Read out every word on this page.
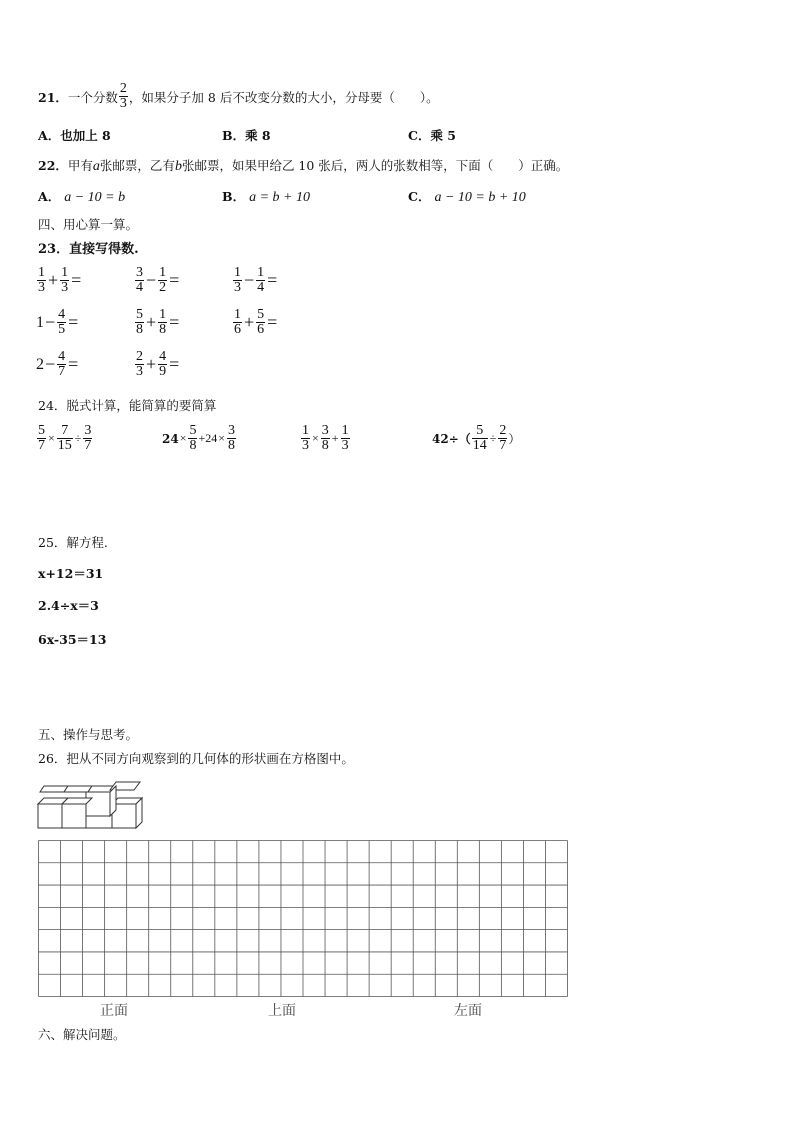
21． 一个分数 $\frac{2}{3}$ ，如果分子加 8 后不改变分数的大小，分母要（　　）。
A．也加上 8	B．乘 8	C．乘 5
22．甲有a张邮票，乙有b张邮票，如果甲给乙 10 张后，两人的张数相等，下面（　　）正确。
A． a − 10 = b	B． a = b + 10	C． a − 10 = b + 10
四、用心算一算。
23．直接写得数.
$\frac{1}{3} + \frac{1}{3}$ =	$\frac{3}{4} - \frac{1}{2}$ =	$\frac{1}{3} - \frac{1}{4}$ =
$1 - \frac{4}{5}$ =	$\frac{5}{8} + \frac{1}{8}$ =	$\frac{1}{6} + \frac{5}{6}$ =
$2 - \frac{4}{7}$ =	$\frac{2}{3} + \frac{4}{9}$ =
24．脱式计算，能简算的要简算
$\frac{5}{7} \times \frac{7}{15} \div \frac{3}{7}$	$24 \times \frac{5}{8} +24 \times \frac{3}{8}$	$\frac{1}{3} \times \frac{3}{8} + \frac{1}{3}$	$42\div( \frac{5}{14} \div \frac{2}{7}$ ）
25．解方程.
x+12＝31
2.4÷x＝3
6x-35＝13
五、操作与思考。
26．把从不同方向观察到的几何体的形状画在方格图中。
正面	上面	左面
六、解决问题。
